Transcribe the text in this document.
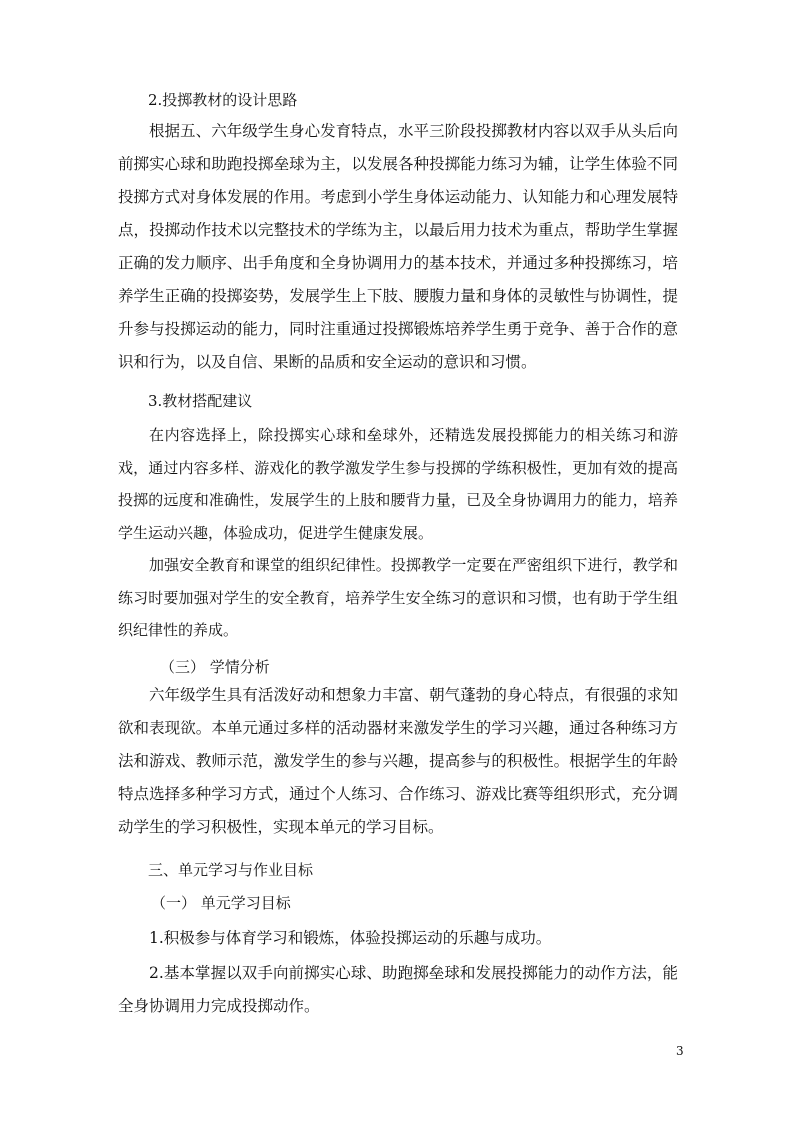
2.投掷教材的设计思路

根据五、六年级学生身心发育特点，水平三阶段投掷教材内容以双手从头后向前掷实心球和助跑投掷垒球为主，以发展各种投掷能力练习为辅，让学生体验不同投掷方式对身体发展的作用。考虑到小学生身体运动能力、认知能力和心理发展特点，投掷动作技术以完整技术的学练为主，以最后用力技术为重点，帮助学生掌握正确的发力顺序、出手角度和全身协调用力的基本技术，并通过多种投掷练习，培养学生正确的投掷姿势，发展学生上下肢、腰腹力量和身体的灵敏性与协调性，提升参与投掷运动的能力，同时注重通过投掷锻炼培养学生勇于竞争、善于合作的意识和行为，以及自信、果断的品质和安全运动的意识和习惯。

3.教材搭配建议

在内容选择上，除投掷实心球和垒球外，还精选发展投掷能力的相关练习和游戏，通过内容多样、游戏化的教学激发学生参与投掷的学练积极性，更加有效的提高投掷的远度和准确性，发展学生的上肢和腰背力量，已及全身协调用力的能力，培养学生运动兴趣，体验成功，促进学生健康发展。

加强安全教育和课堂的组织纪律性。投掷教学一定要在严密组织下进行，教学和练习时要加强对学生的安全教育，培养学生安全练习的意识和习惯，也有助于学生组织纪律性的养成。

（三） 学情分析

六年级学生具有活泼好动和想象力丰富、朝气蓬勃的身心特点，有很强的求知欲和表现欲。本单元通过多样的活动器材来激发学生的学习兴趣，通过各种练习方法和游戏、教师示范，激发学生的参与兴趣，提高参与的积极性。根据学生的年龄特点选择多种学习方式，通过个人练习、合作练习、游戏比赛等组织形式，充分调动学生的学习积极性，实现本单元的学习目标。

三、单元学习与作业目标
（一） 单元学习目标

1.积极参与体育学习和锻炼，体验投掷运动的乐趣与成功。

2.基本掌握以双手向前掷实心球、助跑掷垒球和发展投掷能力的动作方法，能全身协调用力完成投掷动作。

3
